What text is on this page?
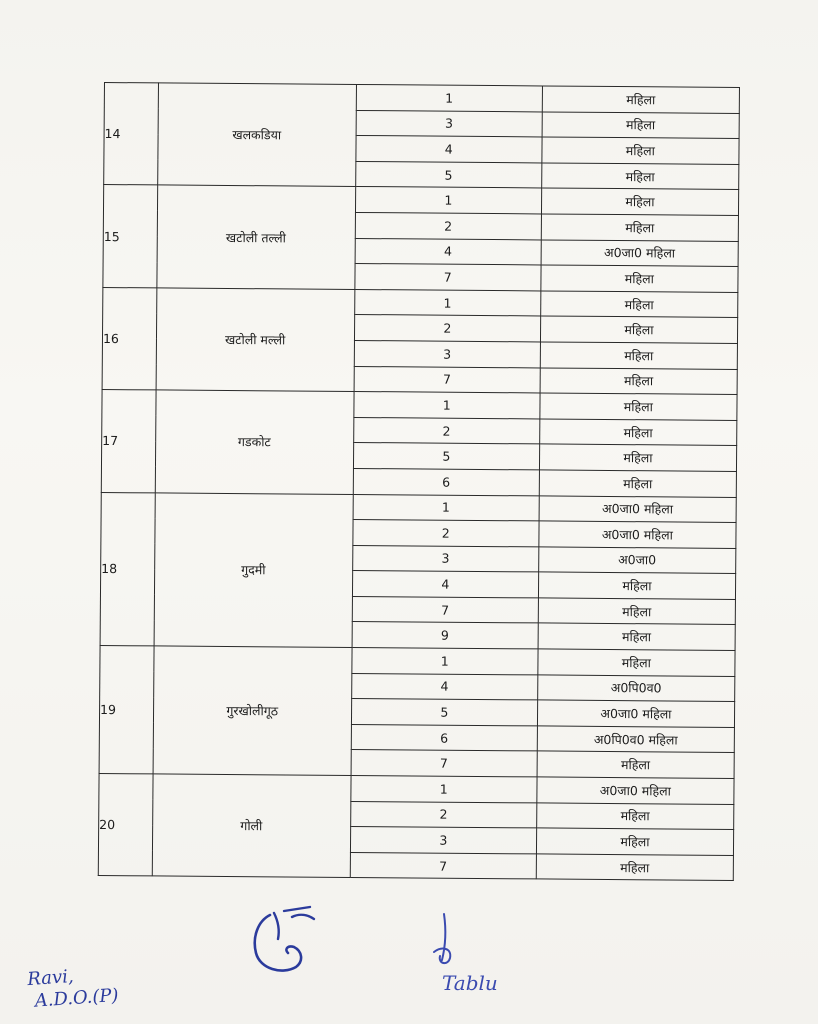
14	खलकडिया	1	महिला
		3	महिला
		4	महिला
		5	महिला
15	खटोली तल्ली	1	महिला
		2	महिला
		4	अ0जा0 महिला
		7	महिला
16	खटोली मल्ली	1	महिला
		2	महिला
		3	महिला
		7	महिला
17	गडकोट	1	महिला
		2	महिला
		5	महिला
		6	महिला
18	गुदमी	1	अ0जा0 महिला
		2	अ0जा0 महिला
		3	अ0जा0
		4	महिला
		7	महिला
		9	महिला
19	गुरखोलीगूठ	1	महिला
		4	अ0पि0व0
		5	अ0जा0 महिला
		6	अ0पि0व0 महिला
		7	महिला
20	गोली	1	अ0जा0 महिला
		2	महिला
		3	महिला
		7	महिला
Tablu
Ravi,
A.D.O.(P)
